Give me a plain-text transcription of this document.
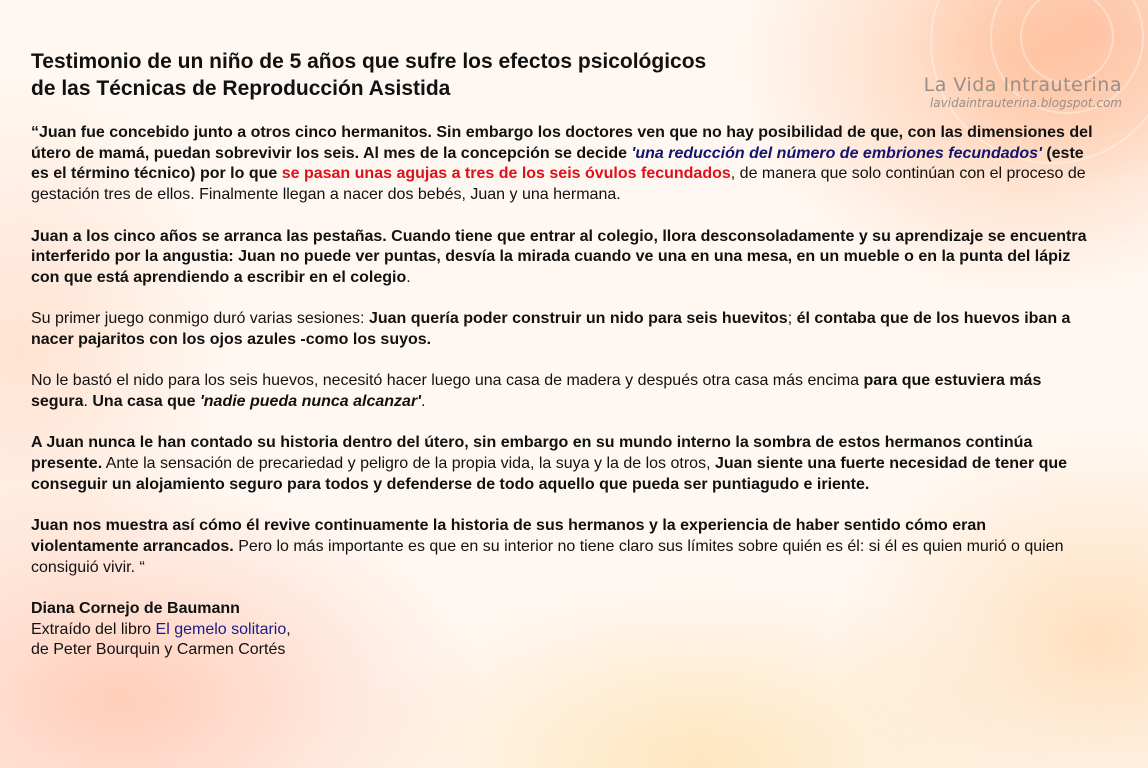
Testimonio de un niño de 5 años que sufre los efectos psicológicos
de las Técnicas de Reproducción Asistida	La Vida Intrauterina
lavidaintrauterina.blogspot.com

“Juan fue concebido junto a otros cinco hermanitos. Sin embargo los doctores ven que no hay posibilidad de que, con las dimensiones del útero de mamá, puedan sobrevivir los seis. Al mes de la concepción se decide 'una reducción del número de embriones fecundados' (este es el término técnico) por lo que se pasan unas agujas a tres de los seis óvulos fecundados, de manera que solo continúan con el proceso de gestación tres de ellos. Finalmente llegan a nacer dos bebés, Juan y una hermana.

Juan a los cinco años se arranca las pestañas. Cuando tiene que entrar al colegio, llora desconsoladamente y su aprendizaje se encuentra interferido por la angustia: Juan no puede ver puntas, desvía la mirada cuando ve una en una mesa, en un mueble o en la punta del lápiz con que está aprendiendo a escribir en el colegio.

Su primer juego conmigo duró varias sesiones: Juan quería poder construir un nido para seis huevitos; él contaba que de los huevos iban a nacer pajaritos con los ojos azules -como los suyos.

No le bastó el nido para los seis huevos, necesitó hacer luego una casa de madera y después otra casa más encima para que estuviera más segura. Una casa que 'nadie pueda nunca alcanzar'.

A Juan nunca le han contado su historia dentro del útero, sin embargo en su mundo interno la sombra de estos hermanos continúa presente. Ante la sensación de precariedad y peligro de la propia vida, la suya y la de los otros, Juan siente una fuerte necesidad de tener que conseguir un alojamiento seguro para todos y defenderse de todo aquello que pueda ser puntiagudo e iriente.

Juan nos muestra así cómo él revive continuamente la historia de sus hermanos y la experiencia de haber sentido cómo eran violentamente arrancados. Pero lo más importante es que en su interior no tiene claro sus límites sobre quién es él: si él es quien murió o quien consiguió vivir. “

Diana Cornejo de Baumann
Extraído del libro El gemelo solitario,
de Peter Bourquin y Carmen Cortés
